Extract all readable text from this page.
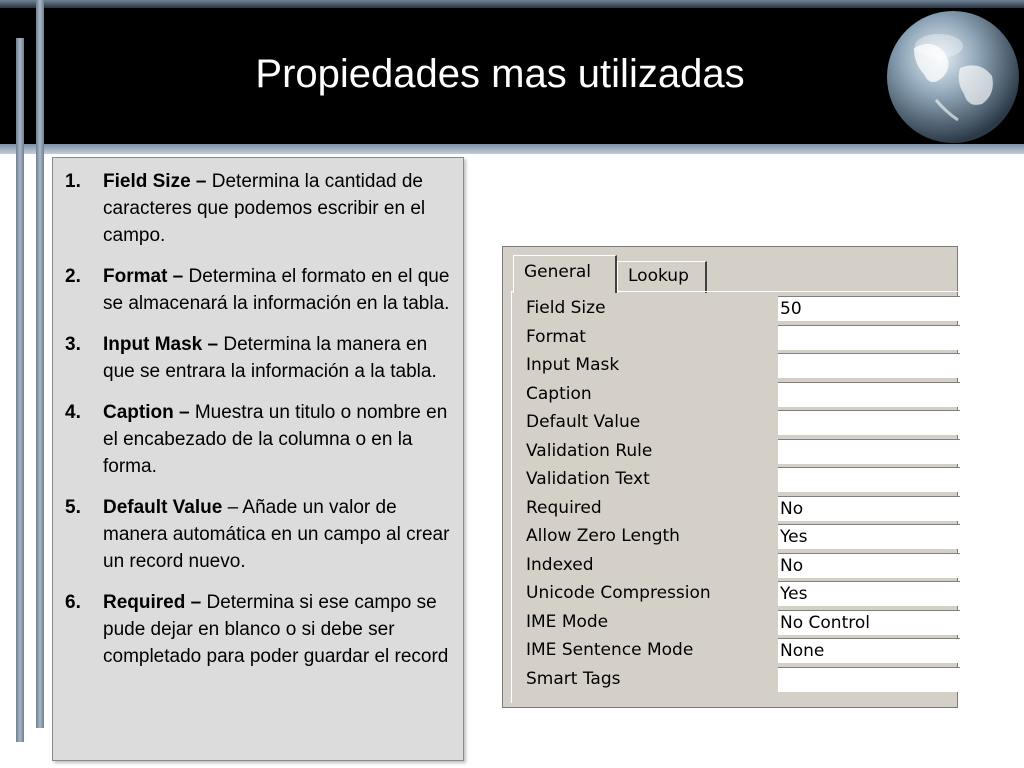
Propiedades mas utilizadas
1.	Field Size – Determina la cantidad de caracteres que podemos escribir en el campo.
2.	Format – Determina el formato en el que se almacenará la información en la tabla.
3.	Input Mask – Determina la manera en que se entrara la información a la tabla.
4.	Caption – Muestra un titulo o nombre en el encabezado de la columna o en la forma.
5.	Default Value – Añade un valor de manera automática en un campo al crear un record nuevo.
6.	Required – Determina si ese campo se pude dejar en blanco o si debe ser completado para poder guardar el record
General	Lookup
Field Size	50
Format
Input Mask
Caption
Default Value
Validation Rule
Validation Text
Required	No
Allow Zero Length	Yes
Indexed	No
Unicode Compression	Yes
IME Mode	No Control
IME Sentence Mode	None
Smart Tags
